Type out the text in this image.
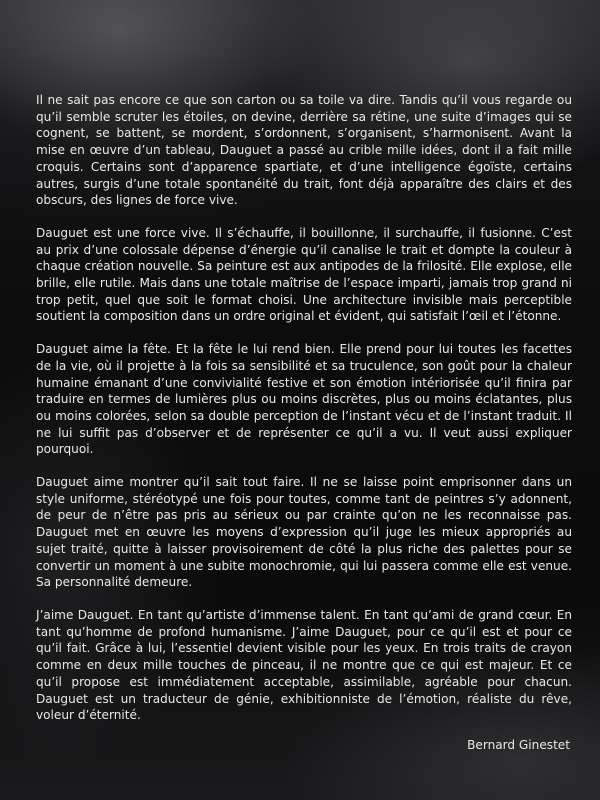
Il ne sait pas encore ce que son carton ou sa toile va dire. Tandis qu’il vous regarde ou qu’il semble scruter les étoiles, on devine, derrière sa rétine, une suite d’images qui se cognent, se battent, se mordent, s’ordonnent, s’organisent, s’harmonisent. Avant la mise en œuvre d’un tableau, Dauguet a passé au crible mille idées, dont il a fait mille croquis. Certains sont d’apparence spartiate, et d’une intelligence égoïste, certains autres, surgis d’une totale spontanéité du trait, font déjà apparaître des clairs et des obscurs, des lignes de force vive.

Dauguet est une force vive. Il s’échauffe, il bouillonne, il surchauffe, il fusionne. C’est au prix d’une colossale dépense d’énergie qu’il canalise le trait et dompte la couleur à chaque création nouvelle. Sa peinture est aux antipodes de la frilosité. Elle explose, elle brille, elle rutile. Mais dans une totale maîtrise de l’espace imparti, jamais trop grand ni trop petit, quel que soit le format choisi. Une architecture invisible mais perceptible soutient la composition dans un ordre original et évident, qui satisfait l’œil et l’étonne.

Dauguet aime la fête. Et la fête le lui rend bien. Elle prend pour lui toutes les facettes de la vie, où il projette à la fois sa sensibilité et sa truculence, son goût pour la chaleur humaine émanant d’une convivialité festive et son émotion intériorisée qu’il finira par traduire en termes de lumières plus ou moins discrètes, plus ou moins éclatantes, plus ou moins colorées, selon sa double perception de l’instant vécu et de l’instant traduit. Il ne lui suffit pas d’observer et de représenter ce qu’il a vu. Il veut aussi expliquer pourquoi.

Dauguet aime montrer qu’il sait tout faire. Il ne se laisse point emprisonner dans un style uniforme, stéréotypé une fois pour toutes, comme tant de peintres s’y adonnent, de peur de n’être pas pris au sérieux ou par crainte qu’on ne les reconnaisse pas. Dauguet met en œuvre les moyens d’expression qu’il juge les mieux appropriés au sujet traité, quitte à laisser provisoirement de côté la plus riche des palettes pour se convertir un moment à une subite monochromie, qui lui passera comme elle est venue. Sa personnalité demeure.

J’aime Dauguet. En tant qu’artiste d’immense talent. En tant qu’ami de grand cœur. En tant qu’homme de profond humanisme. J’aime Dauguet, pour ce qu’il est et pour ce qu’il fait. Grâce à lui, l’essentiel devient visible pour les yeux. En trois traits de crayon comme en deux mille touches de pinceau, il ne montre que ce qui est majeur. Et ce qu’il propose est immédiatement acceptable, assimilable, agréable pour chacun. Dauguet est un traducteur de génie, exhibitionniste de l’émotion, réaliste du rêve, voleur d’éternité.

Bernard Ginestet
